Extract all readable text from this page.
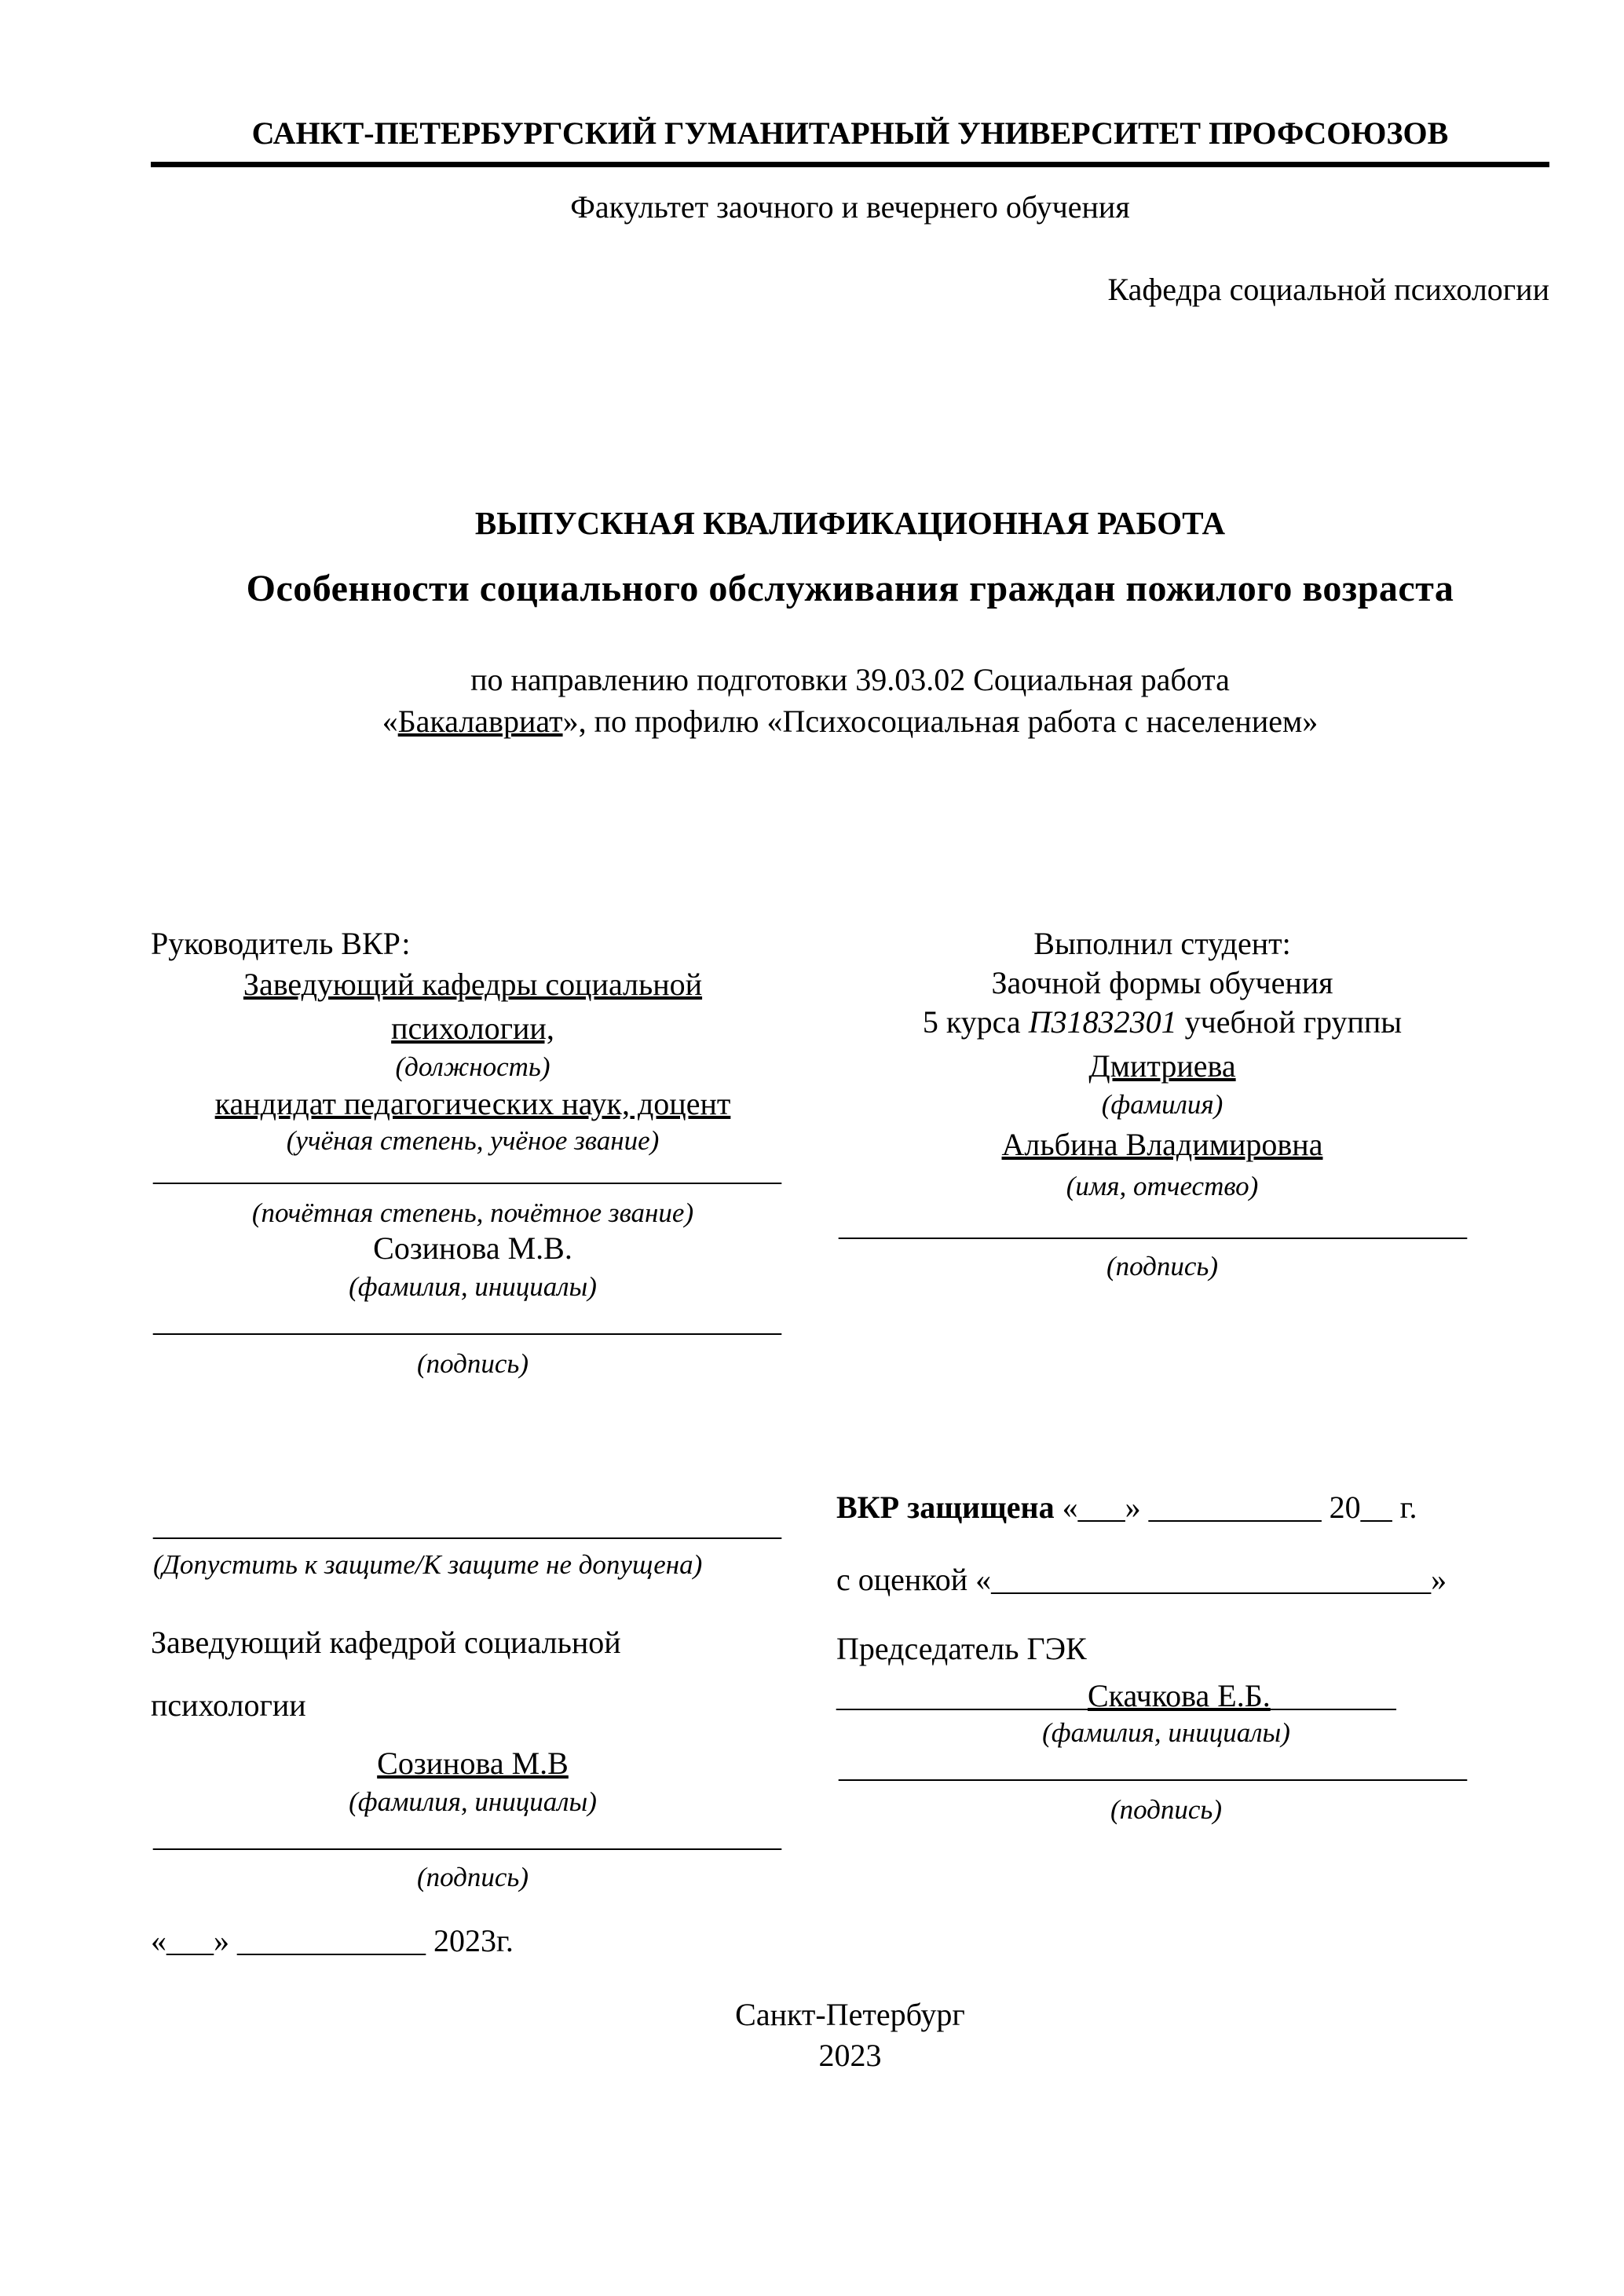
САНКТ-ПЕТЕРБУРГСКИЙ ГУМАНИТАРНЫЙ УНИВЕРСИТЕТ ПРОФСОЮЗОВ
Факультет заочного и вечернего обучения
Кафедра социальной психологии
ВЫПУСКНАЯ КВАЛИФИКАЦИОННАЯ РАБОТА
Особенности социального обслуживания граждан пожилого возраста
по направлению подготовки 39.03.02 Социальная работа
«Бакалавриат», по профилю «Психосоциальная работа с населением»
Руководитель ВКР:
Заведующий кафедры социальной
психологии,
(должность)
кандидат педагогических наук, доцент
(учёная степень, учёное звание)
________________________________________
(почётная степень, почётное звание)
Созинова М.В.
(фамилия, инициалы)
________________________________________
(подпись)
Выполнил студент:
Заочной формы обучения
5 курса П31832301 учебной группы
Дмитриева
(фамилия)
Альбина Владимировна
(имя, отчество)
________________________________________
(подпись)
________________________________________
(Допустить к защите/К защите не допущена)
Заведующий кафедрой социальной
психологии
Созинова М.В
(фамилия, инициалы)
________________________________________
(подпись)
«___» ____________ 2023г.
ВКР защищена «___» ___________ 20__ г.
с оценкой «____________________________»
Председатель ГЭК
________________Скачкова Е.Б.________
(фамилия, инициалы)
________________________________________
(подпись)
Санкт-Петербург
2023
